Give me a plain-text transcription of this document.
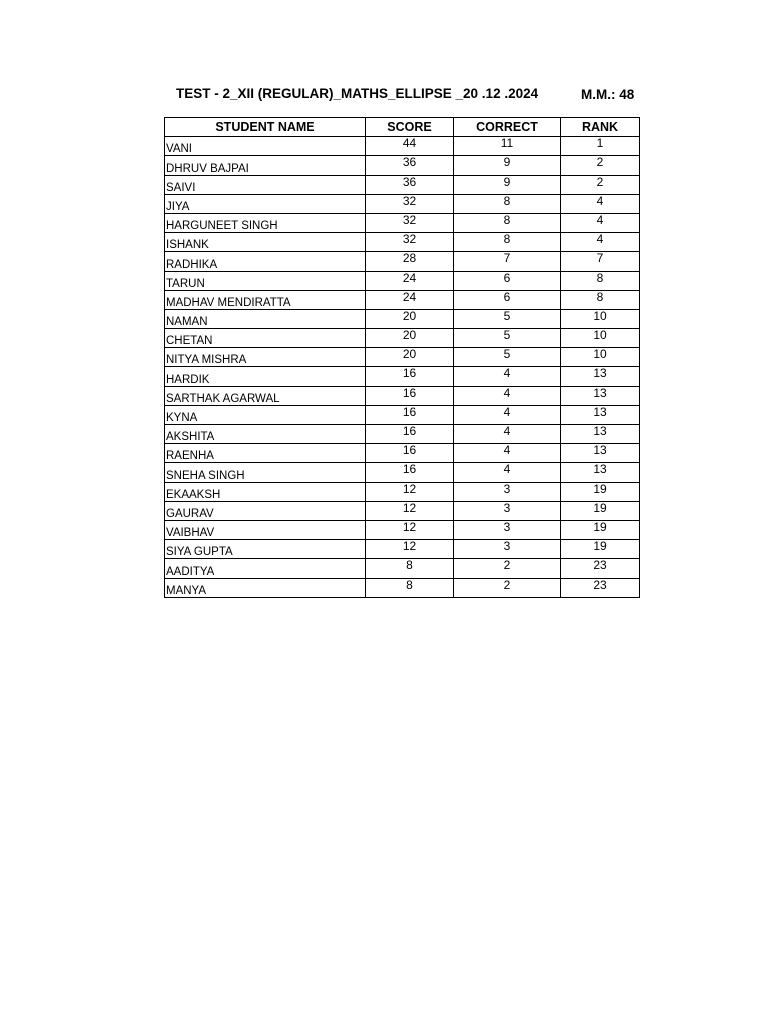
TEST - 2_XII (REGULAR)_MATHS_ELLIPSE _20 .12 .2024	M.M.: 48
STUDENT NAME	SCORE	CORRECT	RANK
VANI	44	11	1
DHRUV BAJPAI	36	9	2
SAIVI	36	9	2
JIYA	32	8	4
HARGUNEET SINGH	32	8	4
ISHANK	32	8	4
RADHIKA	28	7	7
TARUN	24	6	8
MADHAV MENDIRATTA	24	6	8
NAMAN	20	5	10
CHETAN	20	5	10
NITYA MISHRA	20	5	10
HARDIK	16	4	13
SARTHAK AGARWAL	16	4	13
KYNA	16	4	13
AKSHITA	16	4	13
RAENHA	16	4	13
SNEHA SINGH	16	4	13
EKAAKSH	12	3	19
GAURAV	12	3	19
VAIBHAV	12	3	19
SIYA GUPTA	12	3	19
AADITYA	8	2	23
MANYA	8	2	23
